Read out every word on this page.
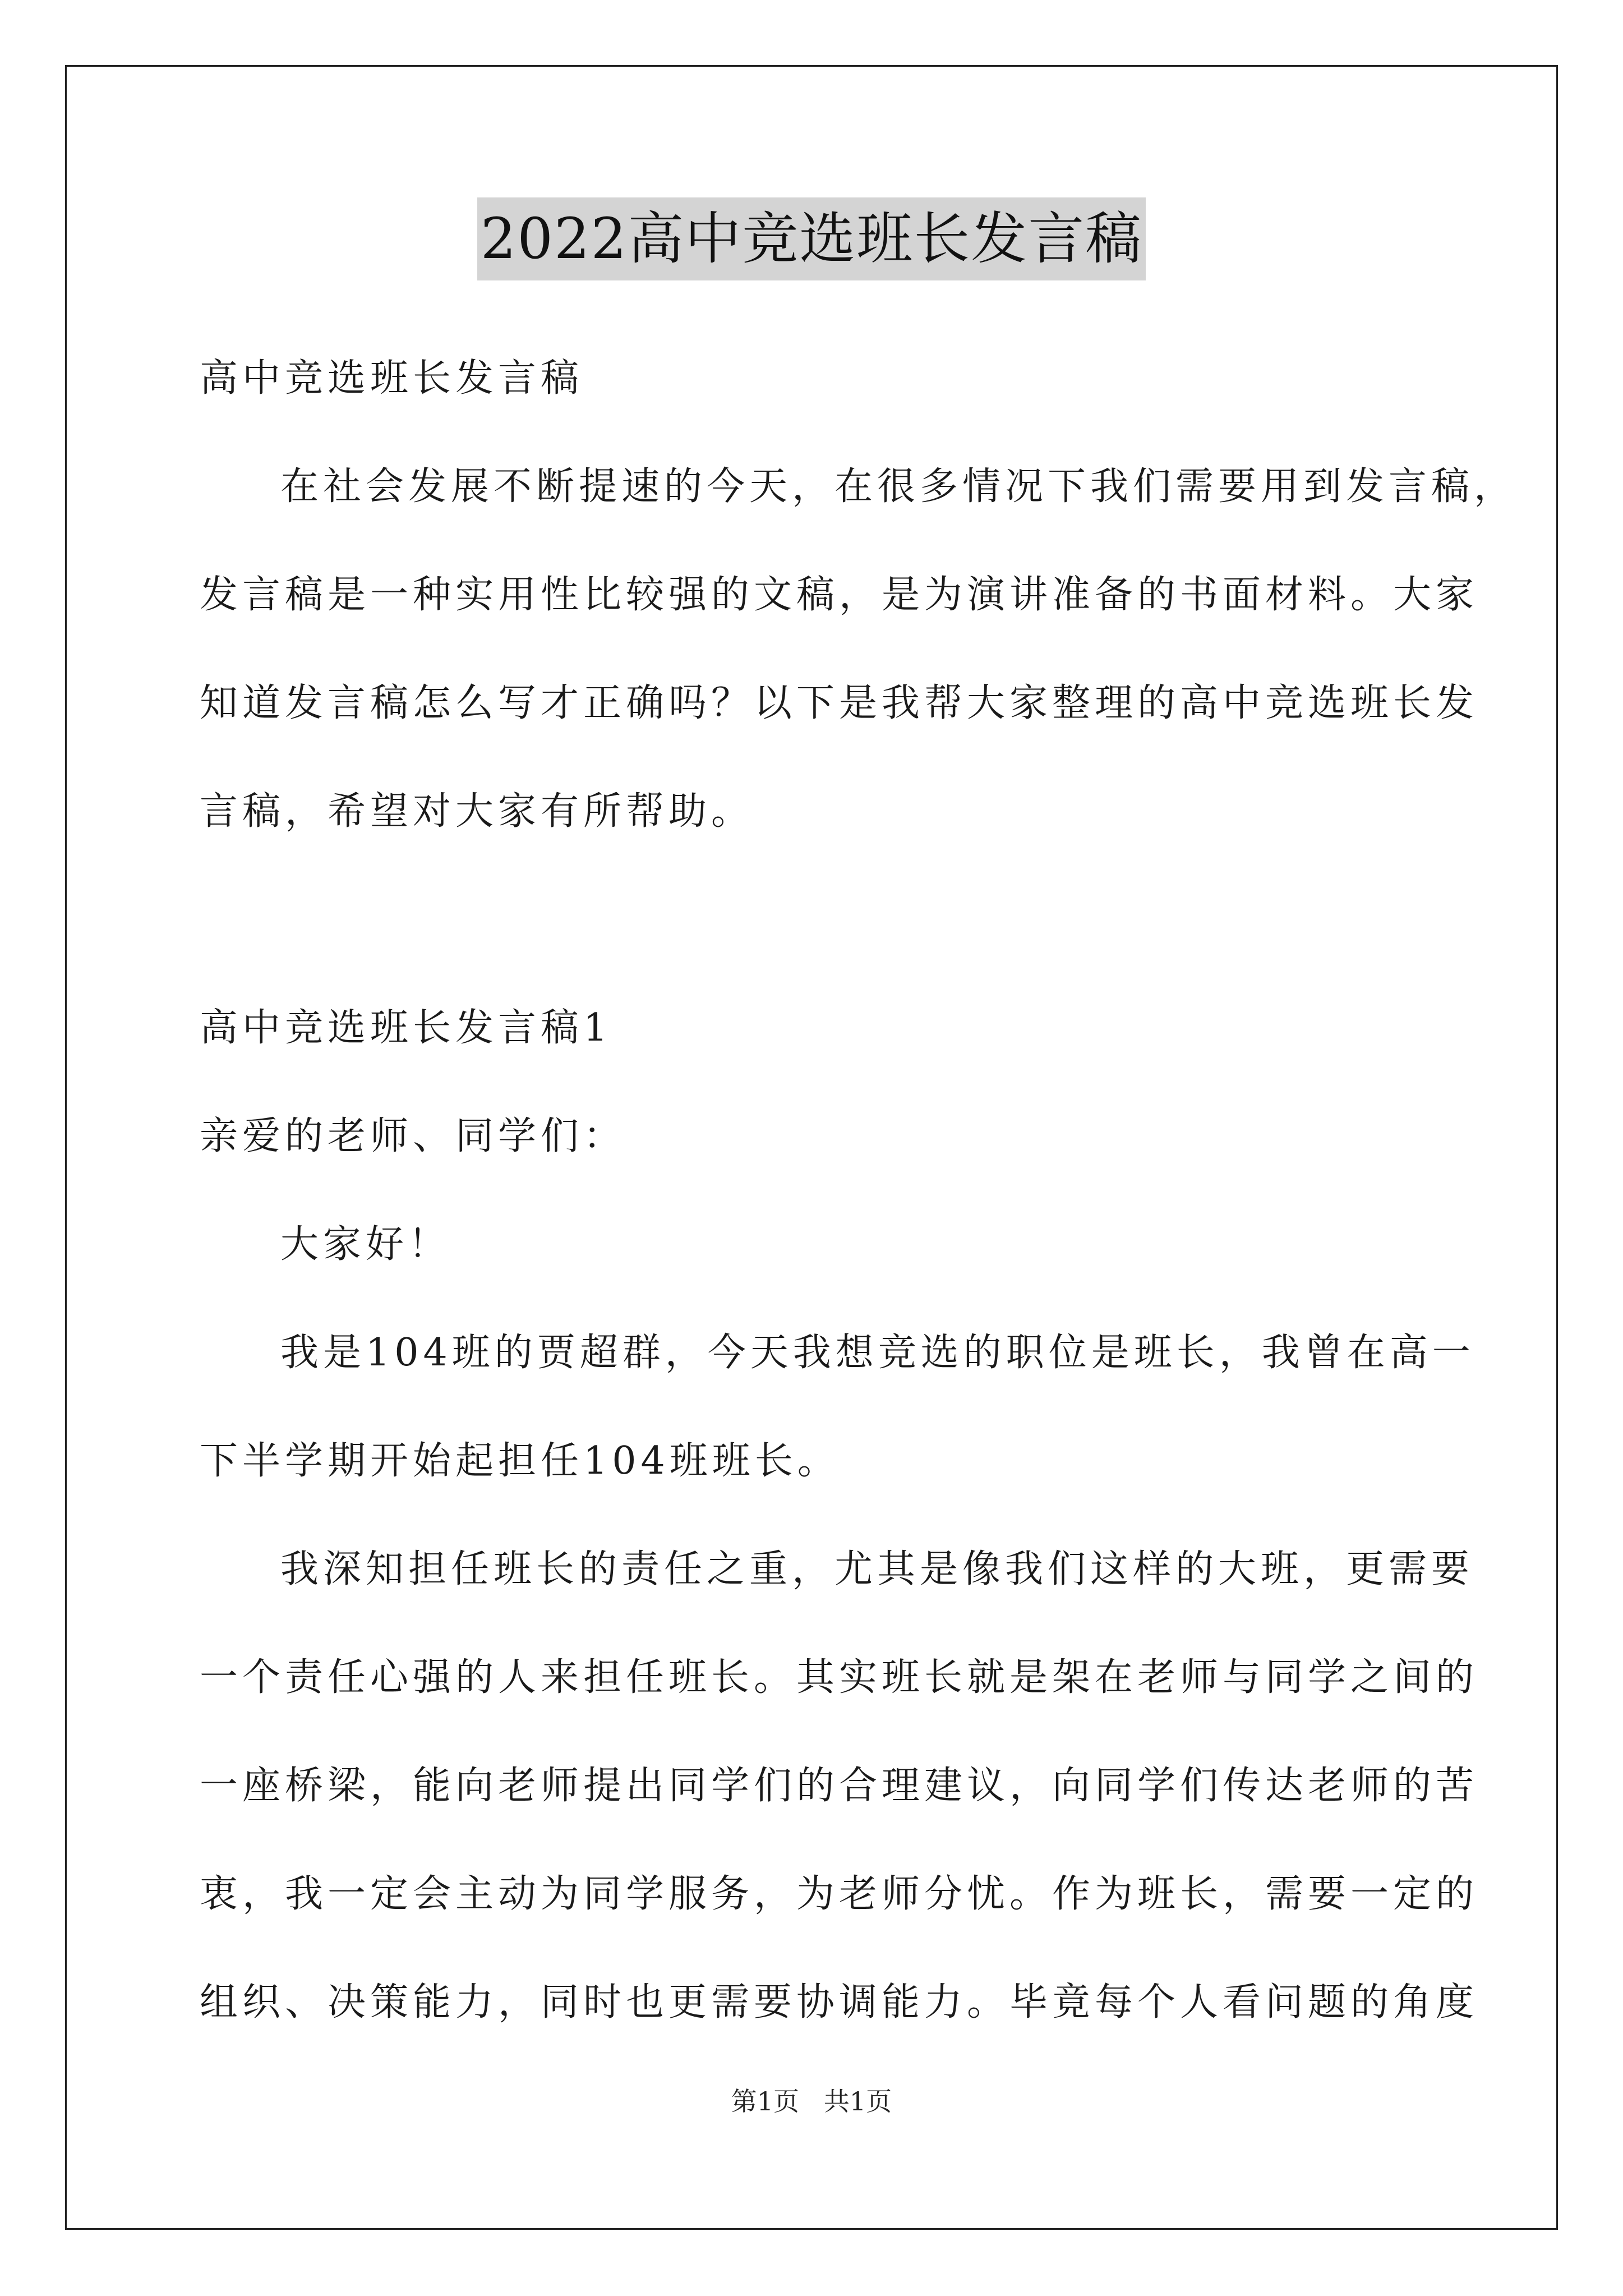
2022高中竞选班长发言稿
高中竞选班长发言稿
在社会发展不断提速的今天，在很多情况下我们需要用到发言稿，
发言稿是一种实用性比较强的文稿，是为演讲准备的书面材料。大家
知道发言稿怎么写才正确吗？以下是我帮大家整理的高中竞选班长发
言稿，希望对大家有所帮助。
高中竞选班长发言稿1
亲爱的老师、同学们：
大家好！
我是104班的贾超群，今天我想竞选的职位是班长，我曾在高一
下半学期开始起担任104班班长。
我深知担任班长的责任之重，尤其是像我们这样的大班，更需要
一个责任心强的人来担任班长。其实班长就是架在老师与同学之间的
一座桥梁，能向老师提出同学们的合理建议，向同学们传达老师的苦
衷，我一定会主动为同学服务，为老师分忧。作为班长，需要一定的
组织、决策能力，同时也更需要协调能力。毕竟每个人看问题的角度
第1页   共1页
